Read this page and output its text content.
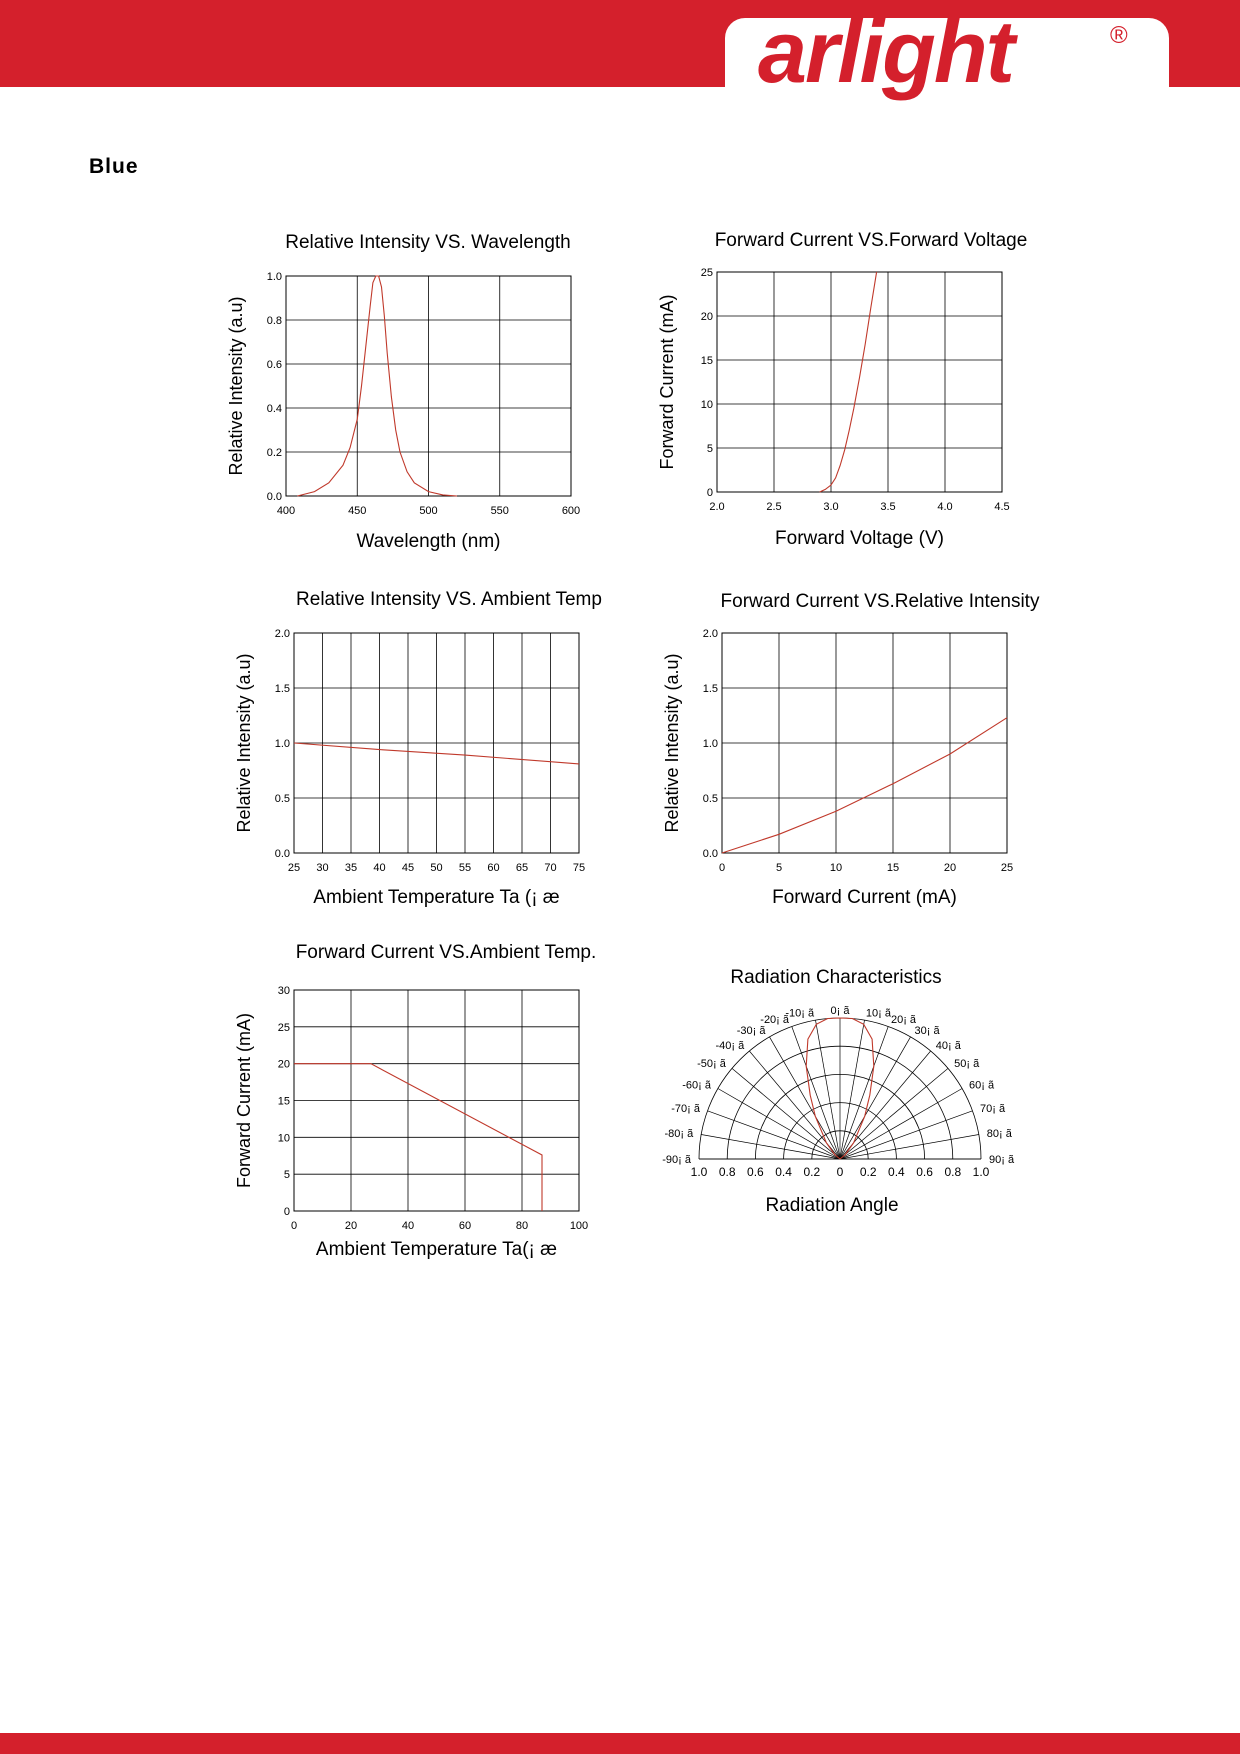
arlight	®
Blue
Relative Intensity VS. Wavelength
400	450	500	550	600
0.0
0.2
0.4
0.6
0.8
1.0
Wavelength (nm)
Relative Intensity (a.u)
Forward Current VS.Forward Voltage
2.0	2.5	3.0	3.5	4.0	4.5
0
5
10
15
20
25
Forward Voltage (V)
Forward Current (mA)
Relative Intensity VS. Ambient Temp
25 30 35 40 45 50 55 60 65 70 75
0.0
0.5
1.0
1.5
2.0
Ambient Temperature Ta (¡ æ
Relative Intensity (a.u)
Forward Current VS.Relative Intensity
0	5	10	15	20	25
0.0
0.5
1.0
1.5
2.0
Forward Current (mA)
Relative Intensity (a.u)
Forward Current VS.Ambient Temp.
0	20	40	60	80	100
0
5
10
15
20
25
30
Ambient Temperature Ta(¡ æ
Forward Current (mA)
Radiation Characteristics
-90¡ ã
-80¡ ã
-70¡ ã
-60¡ ã
-50¡ ã
-40¡ ã
-30¡ ã
-20¡ ã
-10¡ ã 0¡ ã 10¡ ã
20¡ ã
30¡ ã
40¡ ã
50¡ ã
60¡ ã
70¡ ã
80¡ ã
90¡ ã
1.0 0.8 0.6 0.4 0.2 0 0.2 0.4 0.6 0.8 1.0
Radiation Angle
